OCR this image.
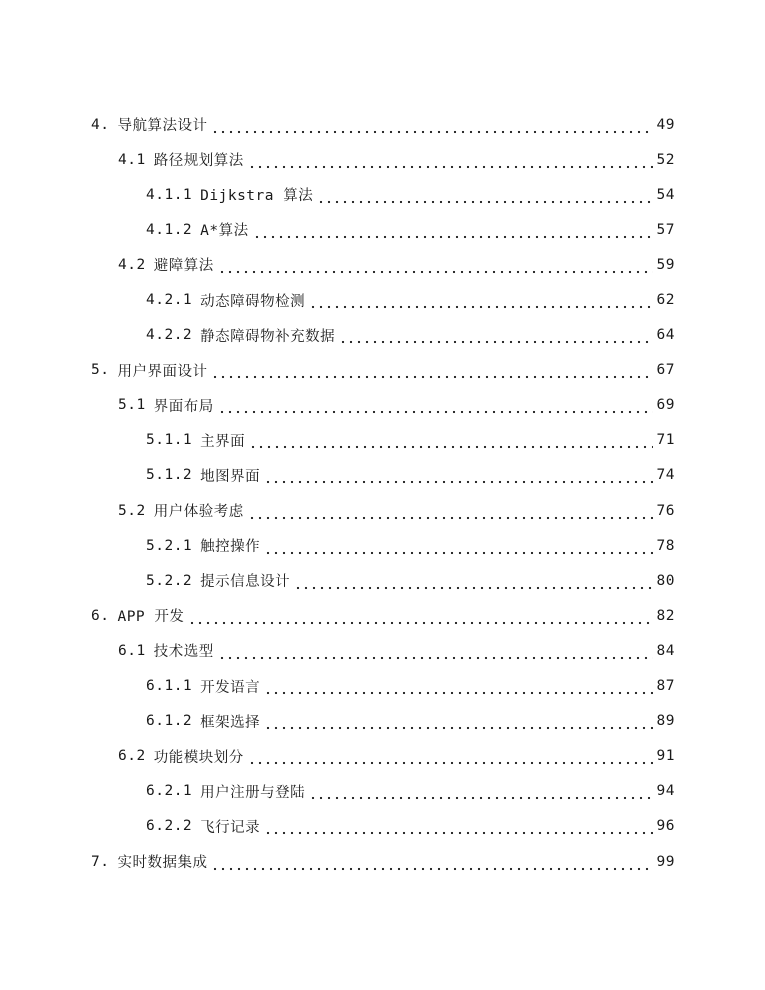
4. 导航算法设计	49
4.1 路径规划算法	52
4.1.1 Dijkstra 算法	54
4.1.2 A*算法	57
4.2 避障算法	59
4.2.1 动态障碍物检测	62
4.2.2 静态障碍物补充数据	64
5. 用户界面设计	67
5.1 界面布局	69
5.1.1 主界面	71
5.1.2 地图界面	74
5.2 用户体验考虑	76
5.2.1 触控操作	78
5.2.2 提示信息设计	80
6. APP 开发	82
6.1 技术选型	84
6.1.1 开发语言	87
6.1.2 框架选择	89
6.2 功能模块划分	91
6.2.1 用户注册与登陆	94
6.2.2 飞行记录	96
7. 实时数据集成	99
